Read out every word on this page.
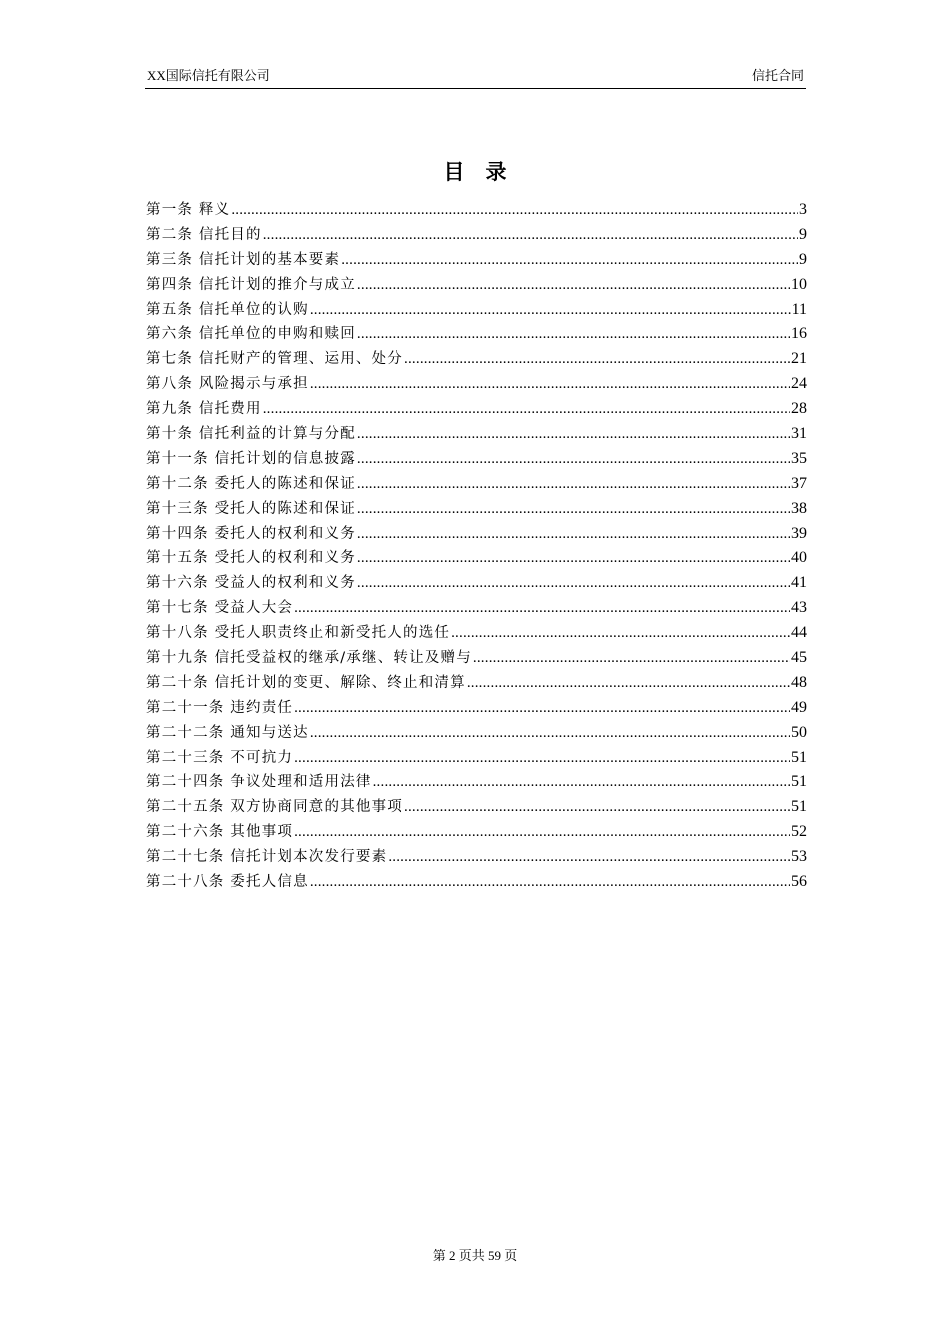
XX国际信托有限公司	信托合同
目　录
第一条 释义 .....	3
第二条 信托目的 .....	9
第三条 信托计划的基本要素 .....	9
第四条 信托计划的推介与成立 .....	10
第五条 信托单位的认购 .....	11
第六条 信托单位的申购和赎回 .....	16
第七条 信托财产的管理、运用、处分 .....	21
第八条 风险揭示与承担 .....	24
第九条 信托费用 .....	28
第十条 信托利益的计算与分配 .....	31
第十一条 信托计划的信息披露 .....	35
第十二条 委托人的陈述和保证 .....	37
第十三条 受托人的陈述和保证 .....	38
第十四条 委托人的权利和义务 .....	39
第十五条 受托人的权利和义务 .....	40
第十六条 受益人的权利和义务 .....	41
第十七条 受益人大会 .....	43
第十八条 受托人职责终止和新受托人的选任 .....	44
第十九条 信托受益权的继承/承继、转让及赠与 .....	45
第二十条 信托计划的变更、解除、终止和清算 .....	48
第二十一条 违约责任 .....	49
第二十二条 通知与送达 .....	50
第二十三条 不可抗力 .....	51
第二十四条 争议处理和适用法律 .....	51
第二十五条 双方协商同意的其他事项 .....	51
第二十六条 其他事项 .....	52
第二十七条 信托计划本次发行要素 .....	53
第二十八条 委托人信息 .....	56
第 2 页共 59 页
